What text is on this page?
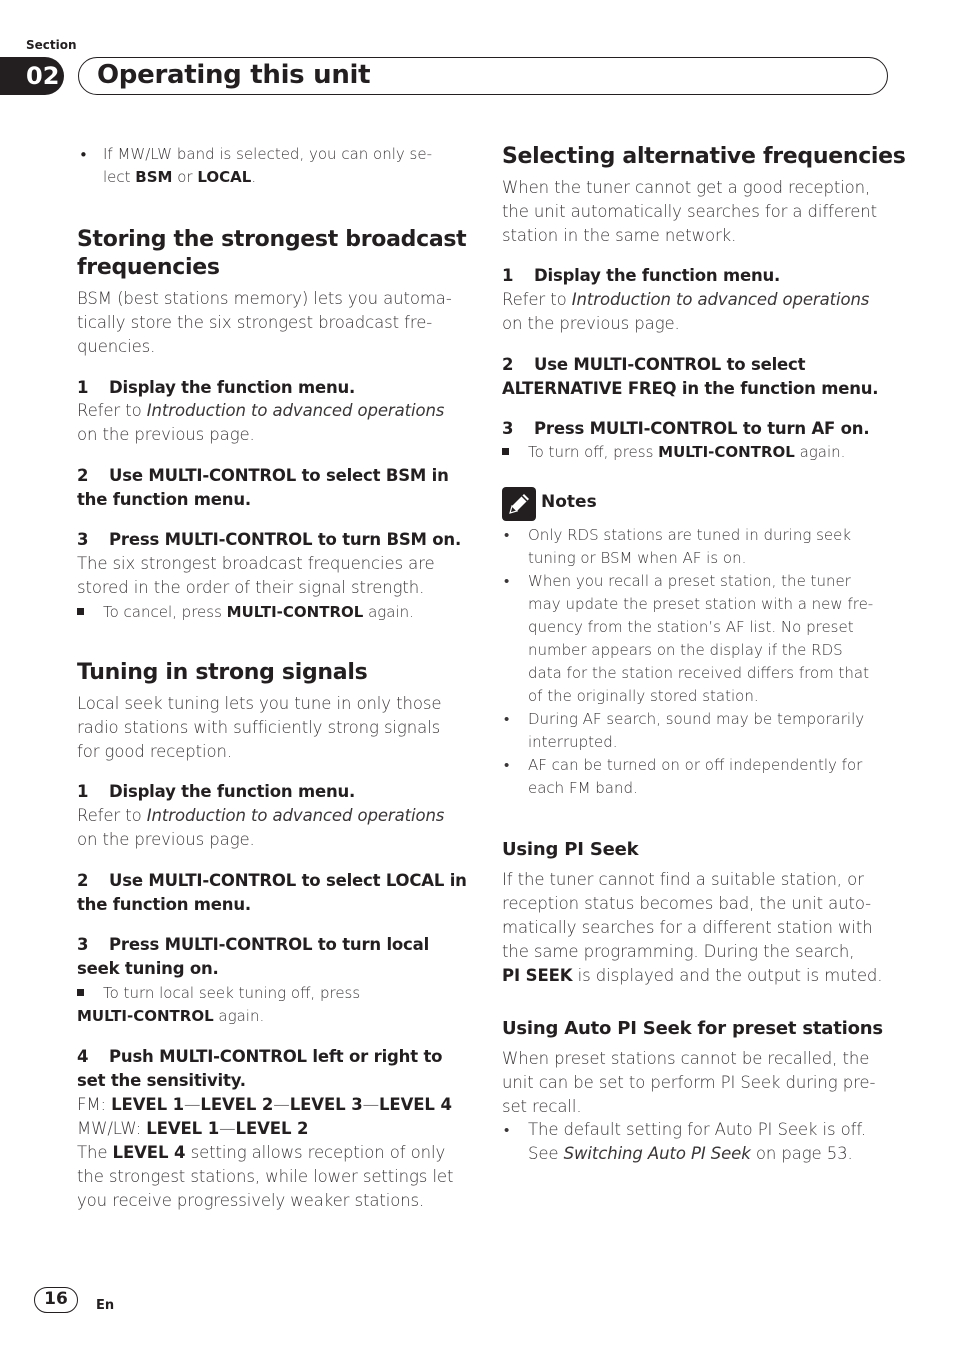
Section
02 Operating this unit
• If MW/LW band is selected, you can only se-
lect BSM or LOCAL.
Storing the strongest broadcast
frequencies
BSM (best stations memory) lets you automa-
tically store the six strongest broadcast fre-
quencies.
1 Display the function menu.
Refer to Introduction to advanced operations
on the previous page.
2 Use MULTI-CONTROL to select BSM in
the function menu.
3 Press MULTI-CONTROL to turn BSM on.
The six strongest broadcast frequencies are
stored in the order of their signal strength.
To cancel, press MULTI-CONTROL again.
Tuning in strong signals
Local seek tuning lets you tune in only those
radio stations with sufficiently strong signals
for good reception.
1 Display the function menu.
Refer to Introduction to advanced operations
on the previous page.
2 Use MULTI-CONTROL to select LOCAL in
the function menu.
3 Press MULTI-CONTROL to turn local
seek tuning on.
To turn local seek tuning off, press
MULTI-CONTROL again.
4 Push MULTI-CONTROL left or right to
set the sensitivity.
FM: LEVEL 1—LEVEL 2—LEVEL 3—LEVEL 4
MW/LW: LEVEL 1—LEVEL 2
The LEVEL 4 setting allows reception of only
the strongest stations, while lower settings let
you receive progressively weaker stations.
Selecting alternative frequencies
When the tuner cannot get a good reception,
the unit automatically searches for a different
station in the same network.
1 Display the function menu.
Refer to Introduction to advanced operations
on the previous page.
2 Use MULTI-CONTROL to select
ALTERNATIVE FREQ in the function menu.
3 Press MULTI-CONTROL to turn AF on.
To turn off, press MULTI-CONTROL again.
Notes
•	Only RDS stations are tuned in during seek
tuning or BSM when AF is on.
•	When you recall a preset station, the tuner
may update the preset station with a new fre-
quency from the station’s AF list. No preset
number appears on the display if the RDS
data for the station received differs from that
of the originally stored station.
•	During AF search, sound may be temporarily
interrupted.
•	AF can be turned on or off independently for
each FM band.
Using PI Seek
If the tuner cannot find a suitable station, or
reception status becomes bad, the unit auto-
matically searches for a different station with
the same programming. During the search,
PI SEEK is displayed and the output is muted.
Using Auto PI Seek for preset stations
When preset stations cannot be recalled, the
unit can be set to perform PI Seek during pre-
set recall.
•	The default setting for Auto PI Seek is off.
See Switching Auto PI Seek on page 53.
16	En
